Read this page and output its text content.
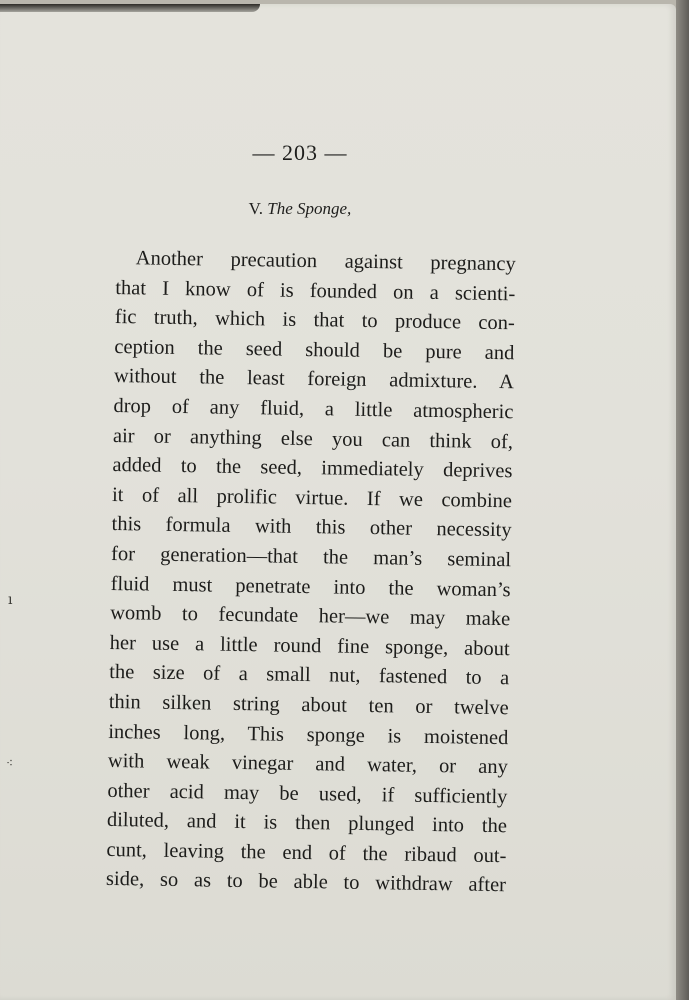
— 203 —
V. The Sponge,
Another precaution against pregnancy
that I know of is founded on a scienti-
fic truth, which is that to produce con-
ception the seed should be pure and
without the least foreign admixture. A
drop of any fluid, a little atmospheric
air or anything else you can think of,
added to the seed, immediately deprives
it of all prolific virtue. If we combine
this formula with this other necessity
for generation—that the man’s seminal
fluid must penetrate into the woman’s
womb to fecundate her—we may make
her use a little round fine sponge, about
the size of a small nut, fastened to a
thin silken string about ten or twelve
inches long, This sponge is moistened
with weak vinegar and water, or any
other acid may be used, if sufficiently
diluted, and it is then plunged into the
cunt, leaving the end of the ribaud out-
side, so as to be able to withdraw after
ı
⁖
